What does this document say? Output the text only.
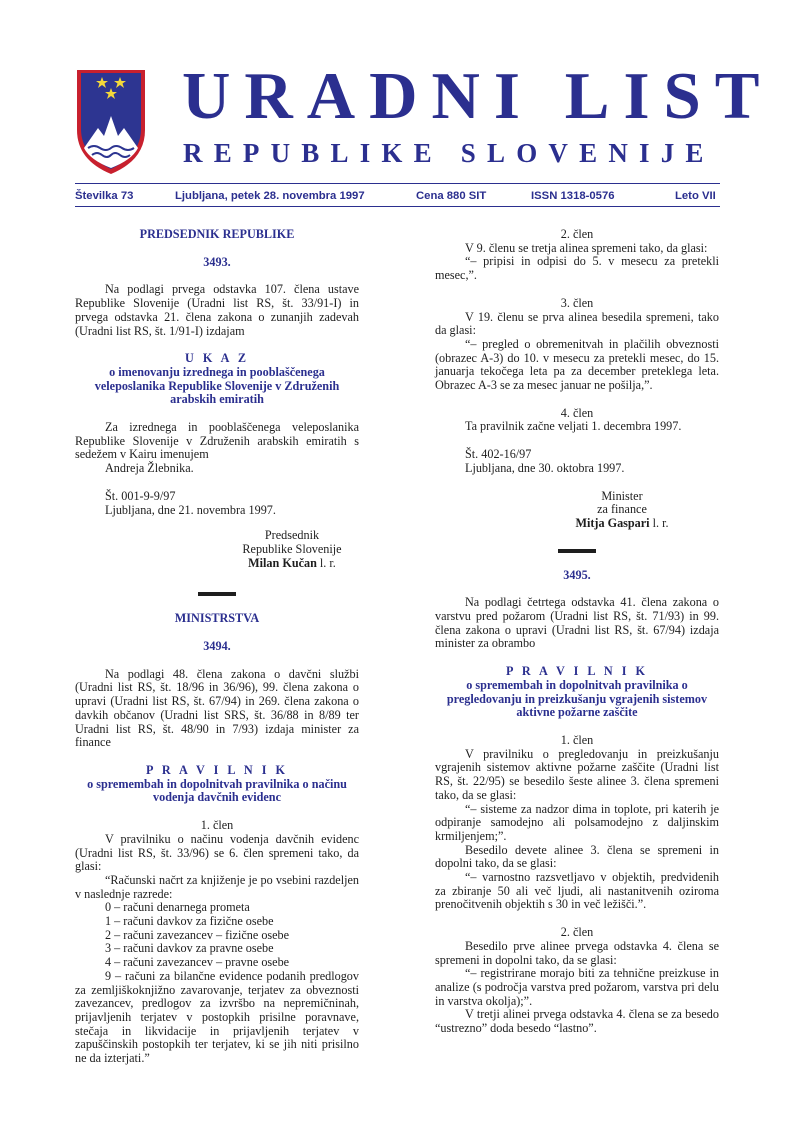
URADNI LIST
REPUBLIKE SLOVENIJE
Številka 73	Ljubljana, petek 28. novembra 1997	Cena 880 SIT	ISSN 1318-0576	Leto VII

PREDSEDNIK REPUBLIKE

3493.

Na podlagi prvega odstavka 107. člena ustave Republike Slovenije (Uradni list RS, št. 33/91-I) in prvega odstavka 21. člena zakona o zunanjih zadevah (Uradni list RS, št. 1/91-I) izdajam

U K A Z

o imenovanju izrednega in pooblaščenega veleposlanika Republike Slovenije v Združenih arabskih emiratih

Za izrednega in pooblaščenega veleposlanika Republike Slovenije v Združenih arabskih emiratih s sedežem v Kairu imenujem

Andreja Žlebnika.

Št. 001-9-9/97

Ljubljana, dne 21. novembra 1997.

Predsednik

Republike Slovenije

Milan Kučan l. r.

MINISTRSTVA

3494.

Na podlagi 48. člena zakona o davčni službi (Uradni list RS, št. 18/96 in 36/96), 99. člena zakona o upravi (Uradni list RS, št. 67/94) in 269. člena zakona o davkih občanov (Uradni list SRS, št. 36/88 in 8/89 ter Uradni list RS, št. 48/90 in 7/93) izdaja minister za finance

P R A V I L N I K

o spremembah in dopolnitvah pravilnika o načinu vodenja davčnih evidenc

1. člen

V pravilniku o načinu vodenja davčnih evidenc (Uradni list RS, št. 33/96) se 6. člen spremeni tako, da glasi:

“Računski načrt za knjiženje je po vsebini razdeljen v naslednje razrede:

0 – računi denarnega prometa

1 – računi davkov za fizične osebe

2 – računi zavezancev – fizične osebe

3 – računi davkov za pravne osebe

4 – računi zavezancev – pravne osebe

9 – računi za bilančne evidence podanih predlogov za zemljiškoknjižno zavarovanje, terjatev za obveznosti zavezancev, predlogov za izvršbo na nepremičninah, prijavljenih terjatev v postopkih prisilne poravnave, stečaja in likvidacije in prijavljenih terjatev v zapuščinskih postopkih ter terjatev, ki se jih niti prisilno ne da izterjati.”

2. člen

V 9. členu se tretja alinea spremeni tako, da glasi:

“– pripisi in odpisi do 5. v mesecu za pretekli mesec,”.

3. člen

V 19. členu se prva alinea besedila spremeni, tako da glasi:

“– pregled o obremenitvah in plačilih obveznosti (obrazec A-3) do 10. v mesecu za pretekli mesec, do 15. januarja tekočega leta pa za december preteklega leta. Obrazec A-3 se za mesec januar ne pošilja,”.

4. člen

Ta pravilnik začne veljati 1. decembra 1997.

Št. 402-16/97

Ljubljana, dne 30. oktobra 1997.

Minister

za finance

Mitja Gaspari l. r.

3495.

Na podlagi četrtega odstavka 41. člena zakona o varstvu pred požarom (Uradni list RS, št. 71/93) in 99. člena zakona o upravi (Uradni list RS, št. 67/94) izdaja minister za obrambo

P R A V I L N I K

o spremembah in dopolnitvah pravilnika o pregledovanju in preizkušanju vgrajenih sistemov aktivne požarne zaščite

1. člen

V pravilniku o pregledovanju in preizkušanju vgrajenih sistemov aktivne požarne zaščite (Uradni list RS, št. 22/95) se besedilo šeste alinee 3. člena spremeni tako, da se glasi:

“– sisteme za nadzor dima in toplote, pri katerih je odpiranje samodejno ali polsamodejno z daljinskim krmiljenjem;”.

Besedilo devete alinee 3. člena se spremeni in dopolni tako, da se glasi:

“– varnostno razsvetljavo v objektih, predvidenih za zbiranje 50 ali več ljudi, ali nastanitvenih oziroma prenočitvenih objektih s 30 in več ležišči.”.

2. člen

Besedilo prve alinee prvega odstavka 4. člena se spremeni in dopolni tako, da se glasi:

“– registrirane morajo biti za tehnične preizkuse in analize (s področja varstva pred požarom, varstva pri delu in varstva okolja);”.

V tretji alinei prvega odstavka 4. člena se za besedo “ustrezno” doda besedo “lastno”.
